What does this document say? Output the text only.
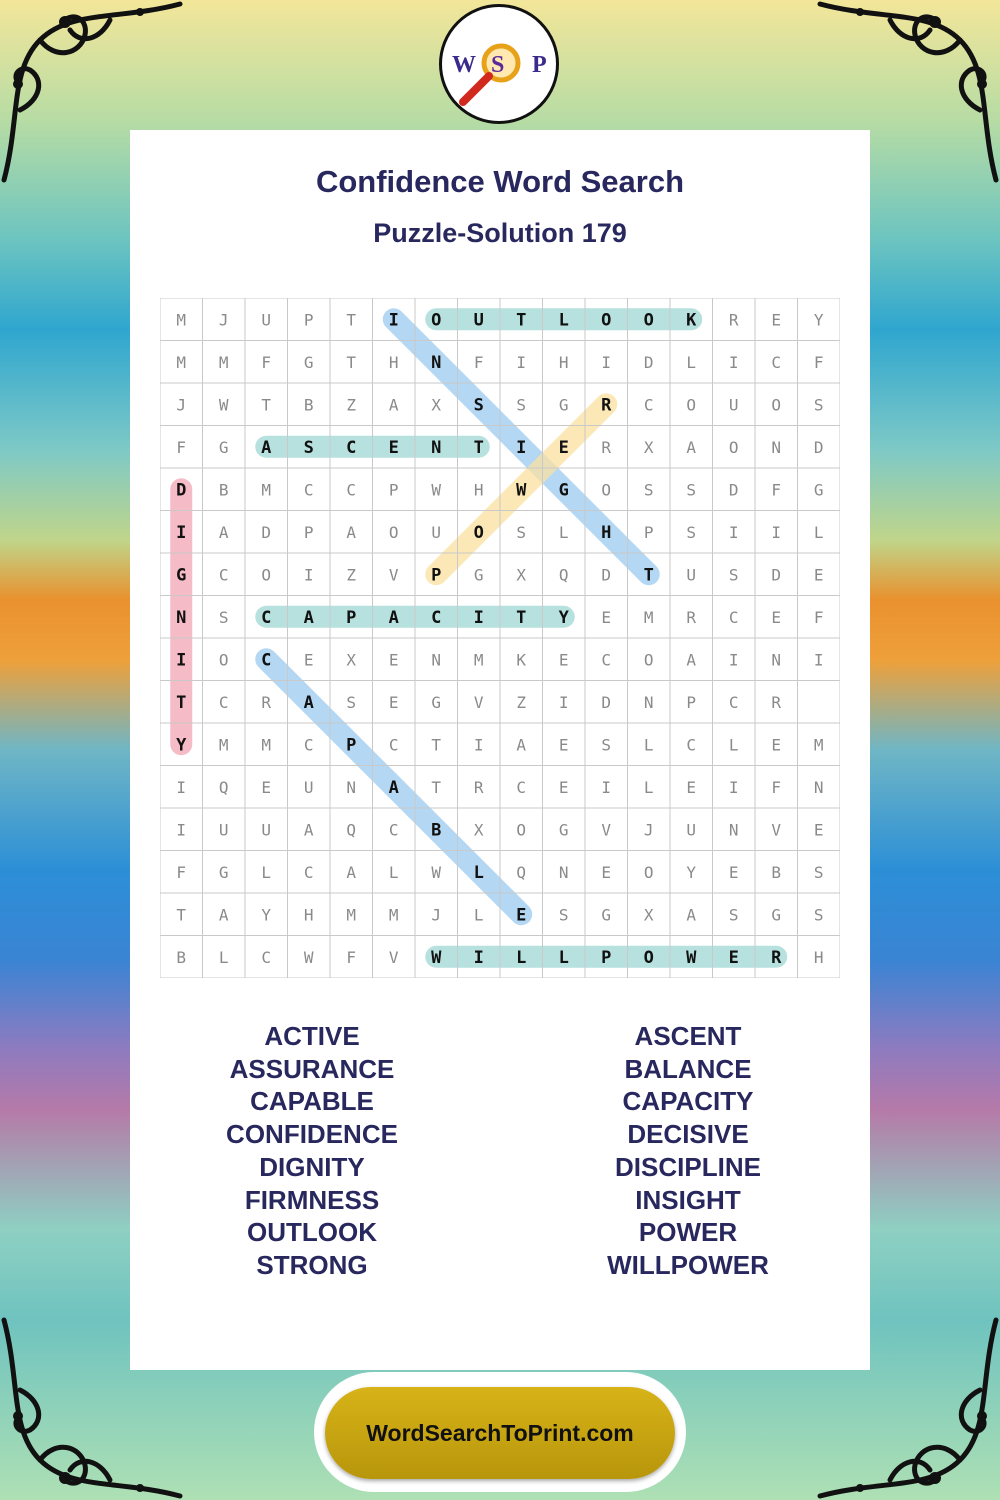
W S P
Confidence Word Search
Puzzle-Solution 179
M J U P T I O U T L O O K R E Y
M M F G T H N F I H I D L I C F
J W T B Z A X S S G R C O U O S
F G A S C E N T I E R X A O N D
D B M C C P W H W G O S S D F G
I A D P A O U O S L H P S I I L
G C O I Z V P G X Q D T U S D E
N S C A P A C I T Y E M R C E F
I O C E X E N M K E C O A I N I
T C R A S E G V Z I D N P C R
Y M M C P C T I A E S L C L E M
I Q E U N A T R C E I L E I F N
I U U A Q C B X O G V J U N V E
F G L C A L W L Q N E O Y E B S
T A Y H M M J L E S G X A S G S
B L C W F V W I L L P O W E R H
ACTIVE
ASSURANCE
CAPABLE
CONFIDENCE
DIGNITY
FIRMNESS
OUTLOOK
STRONG
ASCENT
BALANCE
CAPACITY
DECISIVE
DISCIPLINE
INSIGHT
POWER
WILLPOWER
WordSearchToPrint.com
